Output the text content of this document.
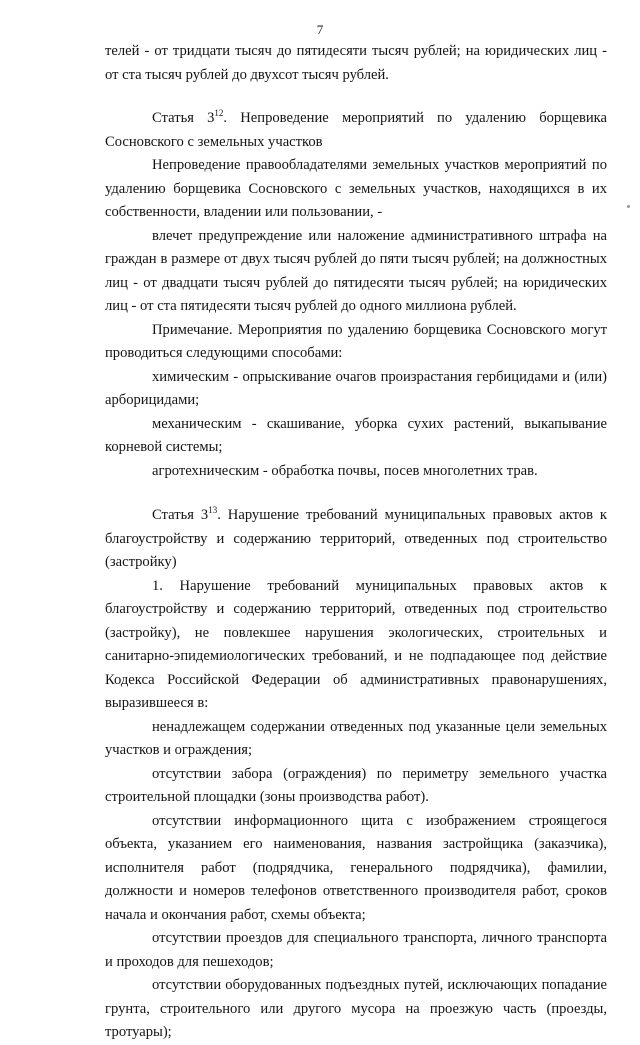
7

телей - от тридцати тысяч до пятидесяти тысяч рублей; на юридических лиц - от ста тысяч рублей до двухсот тысяч рублей.

Статья $3^{12}$. Непроведение мероприятий по удалению борщевика Сосновского с земельных участков

Непроведение правообладателями земельных участков мероприятий по удалению борщевика Сосновского с земельных участков, находящихся в их собственности, владении или пользовании, -

влечет предупреждение или наложение административного штрафа на граждан в размере от двух тысяч рублей до пяти тысяч рублей; на должностных лиц - от двадцати тысяч рублей до пятидесяти тысяч рублей; на юридических лиц - от ста пятидесяти тысяч рублей до одного миллиона рублей.

Примечание. Мероприятия по удалению борщевика Сосновского могут проводиться следующими способами:

химическим - опрыскивание очагов произрастания гербицидами и (или) арборицидами;

механическим - скашивание, уборка сухих растений, выкапывание корневой системы;

агротехническим - обработка почвы, посев многолетних трав.

Статья $3^{13}$. Нарушение требований муниципальных правовых актов к благоустройству и содержанию территорий, отведенных под строительство (застройку)

1. Нарушение требований муниципальных правовых актов к благоустройству и содержанию территорий, отведенных под строительство (застройку), не повлекшее нарушения экологических, строительных и санитарно-эпидемиологических требований, и не подпадающее под действие Кодекса Российской Федерации об административных правонарушениях, выразившееся в:

ненадлежащем содержании отведенных под указанные цели земельных участков и ограждения;

отсутствии забора (ограждения) по периметру земельного участка строительной площадки (зоны производства работ).

отсутствии информационного щита с изображением строящегося объекта, указанием его наименования, названия застройщика (заказчика), исполнителя работ (подрядчика, генерального подрядчика), фамилии, должности и номеров телефонов ответственного производителя работ, сроков начала и окончания работ, схемы объекта;

отсутствии проездов для специального транспорта, личного транспорта и проходов для пешеходов;

отсутствии оборудованных подъездных путей, исключающих попадание грунта, строительного или другого мусора на проезжую часть (проезды, тротуары);
